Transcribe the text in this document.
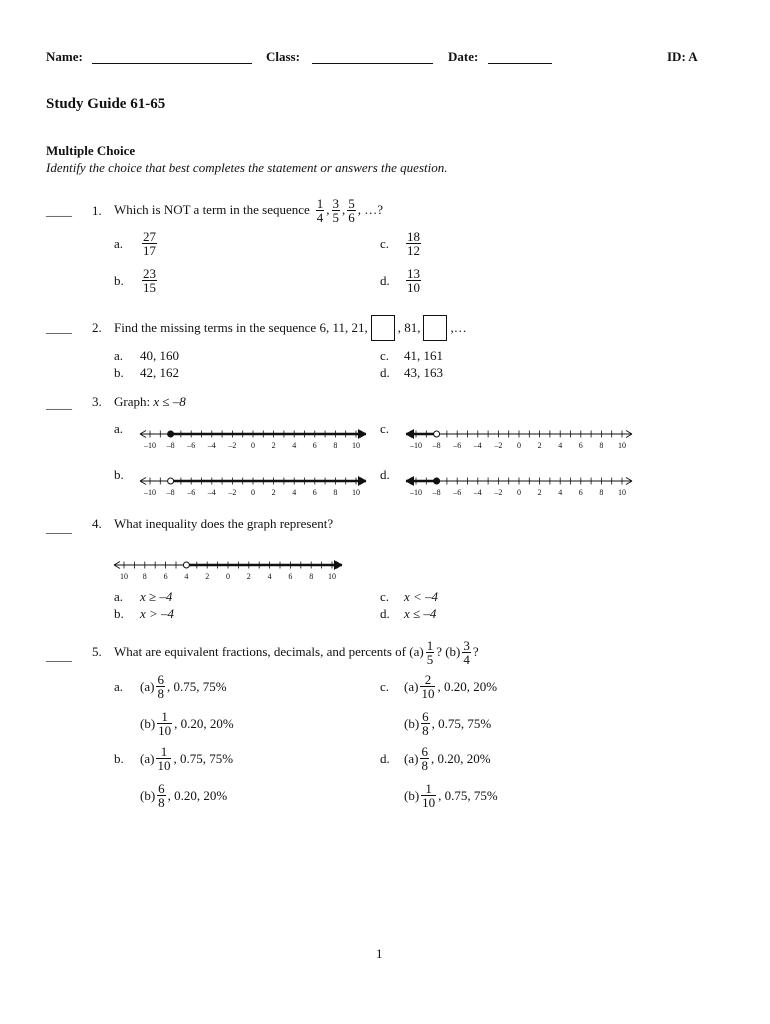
Name:	Class:	Date:	ID: A
Study Guide 61-65
Multiple Choice
Identify the choice that best completes the statement or answers the question.
____ 1. Which is NOT a term in the sequence $\frac{1}{4}$ , $\frac{3}{5}$ , $\frac{5}{6}$ , …?
a.	$\frac{27}{17}$
b.	$\frac{23}{15}$
c.	$\frac{18}{12}$
d.	$\frac{13}{10}$
____ 2. Find the missing terms in the sequence 6, 11, 21, , 81, ,…
a. 40, 160
b. 42, 162
c. 41, 161
d. 43, 163
____ 3. Graph: x ≤ –8
a.
b.
c.
d.
–10 –8 –6 –4 –2 0 2 4 6 8 10
–10 –8 –6 –4 –2 0 2 4 6 8 10
–10 –8 –6 –4 –2 0 2 4 6 8 10
–10 –8 –6 –4 –2 0 2 4 6 8 10
____ 4. What inequality does the graph represent?
10 8 6 4 2 0 2 4 6 8 10
a. x ≥ –4
b. x > –4
c. x < –4
d. x ≤ –4
____ 5. What are equivalent fractions, decimals, and percents of $(a) \frac{1}{5}$ ? $(b) \frac{3}{4}$ ?
a.	$(a) \frac{6}{8}$ , 0.75, 75%
$(b) \frac{1}{10}$ , 0.20, 20%
b.	$(a) \frac{1}{10}$ , 0.75, 75%
$(b) \frac{6}{8}$ , 0.20, 20%
c.	$(a) \frac{2}{10}$ , 0.20, 20%
$(b) \frac{6}{8}$ , 0.75, 75%
d.	$(a) \frac{6}{8}$ , 0.20, 20%
$(b) \frac{1}{10}$ , 0.75, 75%
1
